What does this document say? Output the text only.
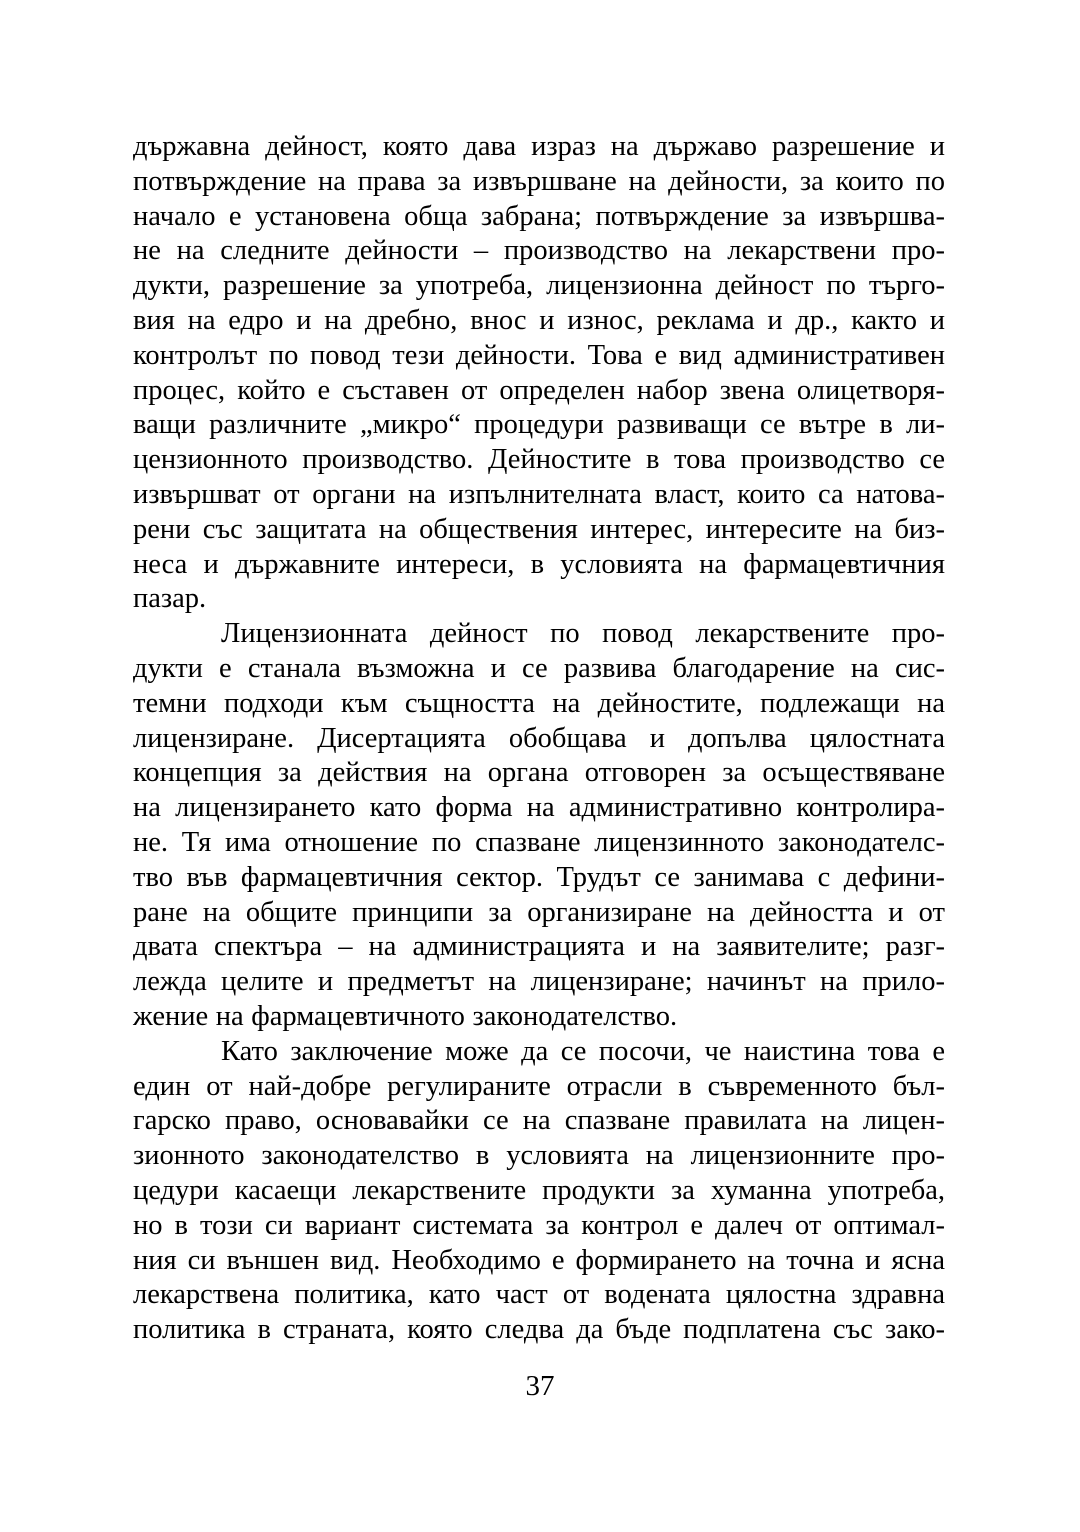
държавна дейност, която дава израз на държаво разрешение и
потвърждение на права за извършване на дейности, за които по
начало е установена обща забрана; потвърждение за извършва-
не на следните дейности – производство на лекарствени про-
дукти, разрешение за употреба, лицензионна дейност по търго-
вия на едро и на дребно, внос и износ, реклама и др., както и
контролът по повод тези дейности. Това е вид административен
процес, който е съставен от определен набор звена олицетворя-
ващи различните „микро“ процедури развиващи се вътре в ли-
цензионното производство. Дейностите в това производство се
извършват от органи на изпълнителната власт, които са натова-
рени със защитата на обществения интерес, интересите на биз-
неса и държавните интереси, в условията на фармацевтичния
пазар.

Лицензионната дейност по повод лекарствените про-
дукти е станала възможна и се развива благодарение на сис-
темни подходи към същността на дейностите, подлежащи на
лицензиране. Дисертацията обобщава и допълва цялостната
концепция за действия на органа отговорен за осъществяване
на лицензирането като форма на административно контролира-
не. Тя има отношение по спазване лицензинното законодателс-
тво във фармацевтичния сектор. Трудът се занимава с дефини-
ране на общите принципи за организиране на дейността и от
двата спектъра – на администрацията и на заявителите; разг-
лежда целите и предметът на лицензиране; начинът на прило-
жение на фармацевтичното законодателство.

Като заключение може да се посочи, че наистина това е
един от най-добре регулираните отрасли в съвременното бъл-
гарско право, основавайки се на спазване правилата на лицен-
зионното законодателство в условията на лицензионните про-
цедури касаещи лекарствените продукти за хуманна употреба,
но в този си вариант системата за контрол е далеч от оптимал-
ния си външен вид. Необходимо е формирането на точна и ясна
лекарствена политика, като част от водената цялостна здравна
политика в страната, която следва да бъде подплатена със зако-

37
